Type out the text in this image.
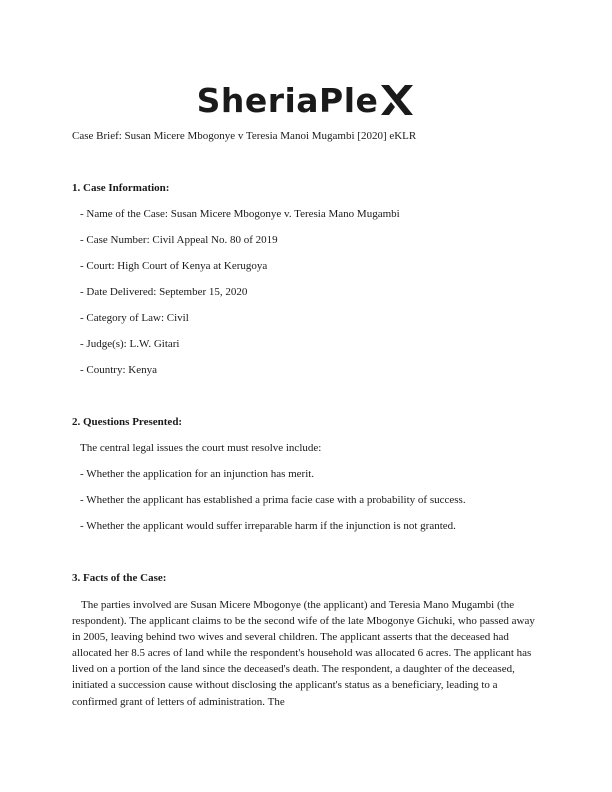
SheriaPle
Case Brief: Susan Micere Mbogonye v Teresia Manoi Mugambi [2020] eKLR
1. Case Information:
- Name of the Case: Susan Micere Mbogonye v. Teresia Mano Mugambi
- Case Number: Civil Appeal No. 80 of 2019
- Court: High Court of Kenya at Kerugoya
- Date Delivered: September 15, 2020
- Category of Law: Civil
- Judge(s): L.W. Gitari
- Country: Kenya
2. Questions Presented:
The central legal issues the court must resolve include:
- Whether the application for an injunction has merit.
- Whether the applicant has established a prima facie case with a probability of success.
- Whether the applicant would suffer irreparable harm if the injunction is not granted.
3. Facts of the Case:
The parties involved are Susan Micere Mbogonye (the applicant) and Teresia Mano Mugambi (the respondent). The applicant claims to be the second wife of the late Mbogonye Gichuki, who passed away in 2005, leaving behind two wives and several children. The applicant asserts that the deceased had allocated her 8.5 acres of land while the respondent's household was allocated 6 acres. The applicant has lived on a portion of the land since the deceased's death. The respondent, a daughter of the deceased, initiated a succession cause without disclosing the applicant's status as a beneficiary, leading to a confirmed grant of letters of administration. The
